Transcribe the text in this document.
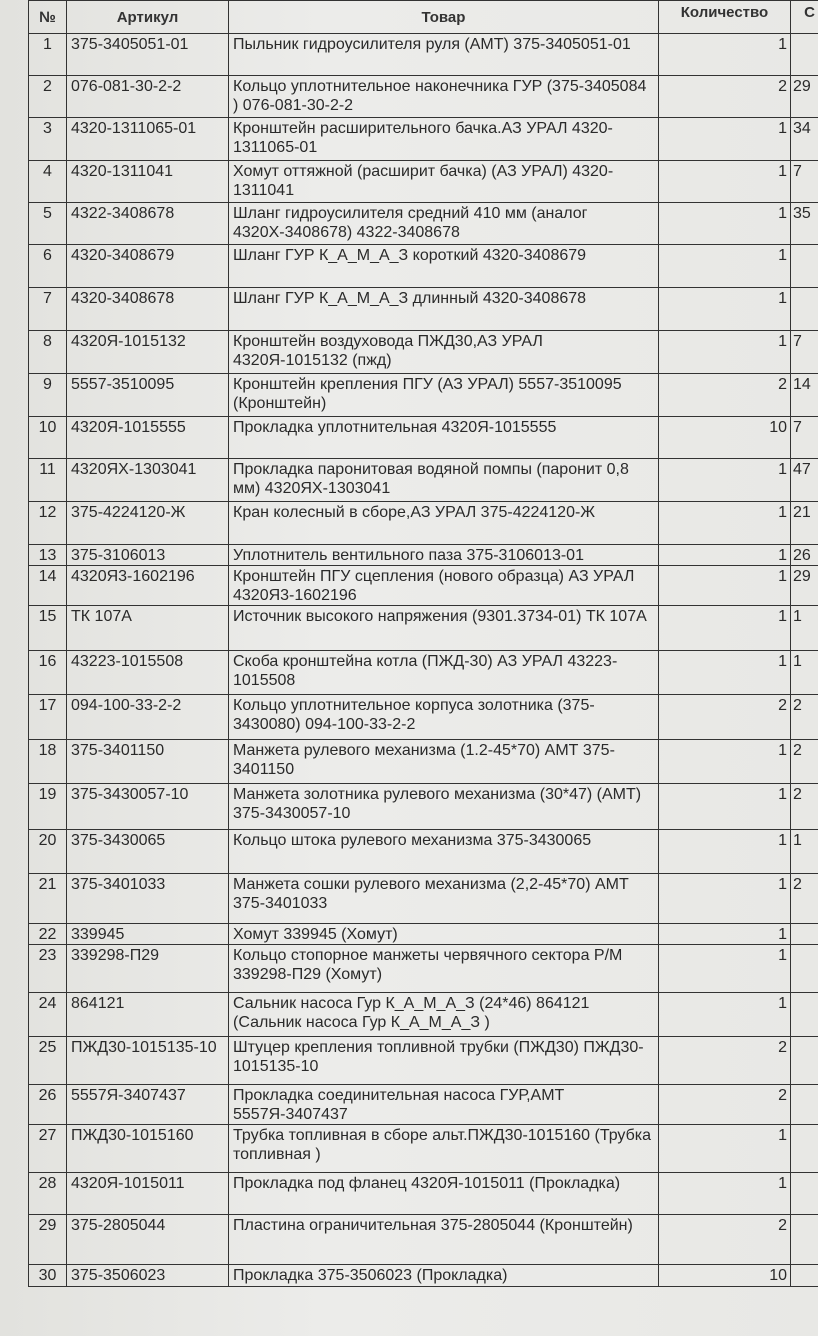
№	Артикул	Товар	Количество	С
1	375-3405051-01	Пыльник гидроусилителя руля (АМТ) 375-3405051-01	1	
2	076-081-30-2-2	Кольцо уплотнительное наконечника ГУР (375-3405084 ) 076-081-30-2-2	2	29
3	4320-1311065-01	Кронштейн расширительного бачка.АЗ УРАЛ 4320-1311065-01	1	34
4	4320-1311041	Хомут оттяжной (расширит бачка) (АЗ УРАЛ) 4320-1311041	1	7
5	4322-3408678	Шланг гидроусилителя средний 410 мм (аналог 4320Х-3408678) 4322-3408678	1	35
6	4320-3408679	Шланг ГУР К_А_М_А_З короткий 4320-3408679	1	
7	4320-3408678	Шланг ГУР К_А_М_А_З длинный 4320-3408678	1	
8	4320Я-1015132	Кронштейн воздуховода ПЖД30,АЗ УРАЛ 4320Я-1015132 (пжд)	1	7
9	5557-3510095	Кронштейн крепления ПГУ (АЗ УРАЛ) 5557-3510095 (Кронштейн)	2	14
10	4320Я-1015555	Прокладка уплотнительная 4320Я-1015555	10	7
11	4320ЯХ-1303041	Прокладка паронитовая водяной помпы (паронит 0,8 мм) 4320ЯХ-1303041	1	47
12	375-4224120-Ж	Кран колесный в сборе,АЗ УРАЛ 375-4224120-Ж	1	21
13	375-3106013	Уплотнитель вентильного паза 375-3106013-01	1	26
14	4320Я3-1602196	Кронштейн ПГУ сцепления (нового образца) АЗ УРАЛ 4320Я3-1602196	1	29
15	ТК 107А	Источник высокого напряжения (9301.3734-01) ТК 107А	1	1
16	43223-1015508	Скоба кронштейна котла (ПЖД-30) АЗ УРАЛ 43223-1015508	1	1
17	094-100-33-2-2	Кольцо уплотнительное корпуса золотника (375-3430080) 094-100-33-2-2	2	2
18	375-3401150	Манжета рулевого механизма (1.2-45*70) АМТ 375-3401150	1	2
19	375-3430057-10	Манжета золотника рулевого механизма (30*47) (АМТ) 375-3430057-10	1	2
20	375-3430065	Кольцо штока рулевого механизма 375-3430065	1	1
21	375-3401033	Манжета сошки рулевого механизма (2,2-45*70) АМТ 375-3401033	1	2
22	339945	Хомут 339945 (Хомут)	1	
23	339298-П29	Кольцо стопорное манжеты червячного сектора Р/М 339298-П29 (Хомут)	1	
24	864121	Сальник насоса Гур К_А_М_А_З (24*46) 864121 (Сальник насоса Гур К_А_М_А_З )	1	
25	ПЖД30-1015135-10	Штуцер крепления топливной трубки (ПЖД30) ПЖД30-1015135-10	2	
26	5557Я-3407437	Прокладка соединительная насоса ГУР,АМТ 5557Я-3407437	2	
27	ПЖД30-1015160	Трубка топливная в сборе альт.ПЖД30-1015160 (Трубка топливная )	1	
28	4320Я-1015011	Прокладка под фланец 4320Я-1015011 (Прокладка)	1	
29	375-2805044	Пластина ограничительная 375-2805044 (Кронштейн)	2	
30	375-3506023	Прокладка 375-3506023 (Прокладка)	10	
